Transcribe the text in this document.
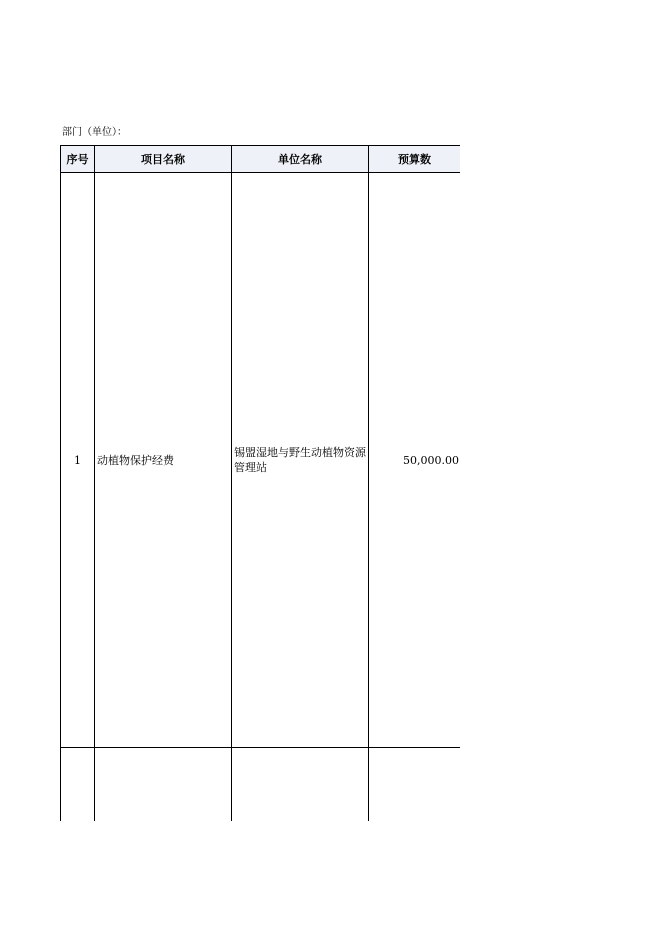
部门（单位）：
序号	项目名称	单位名称	预算数
1	动植物保护经费	锡盟湿地与野生动植物资源管理站	50,000.00
